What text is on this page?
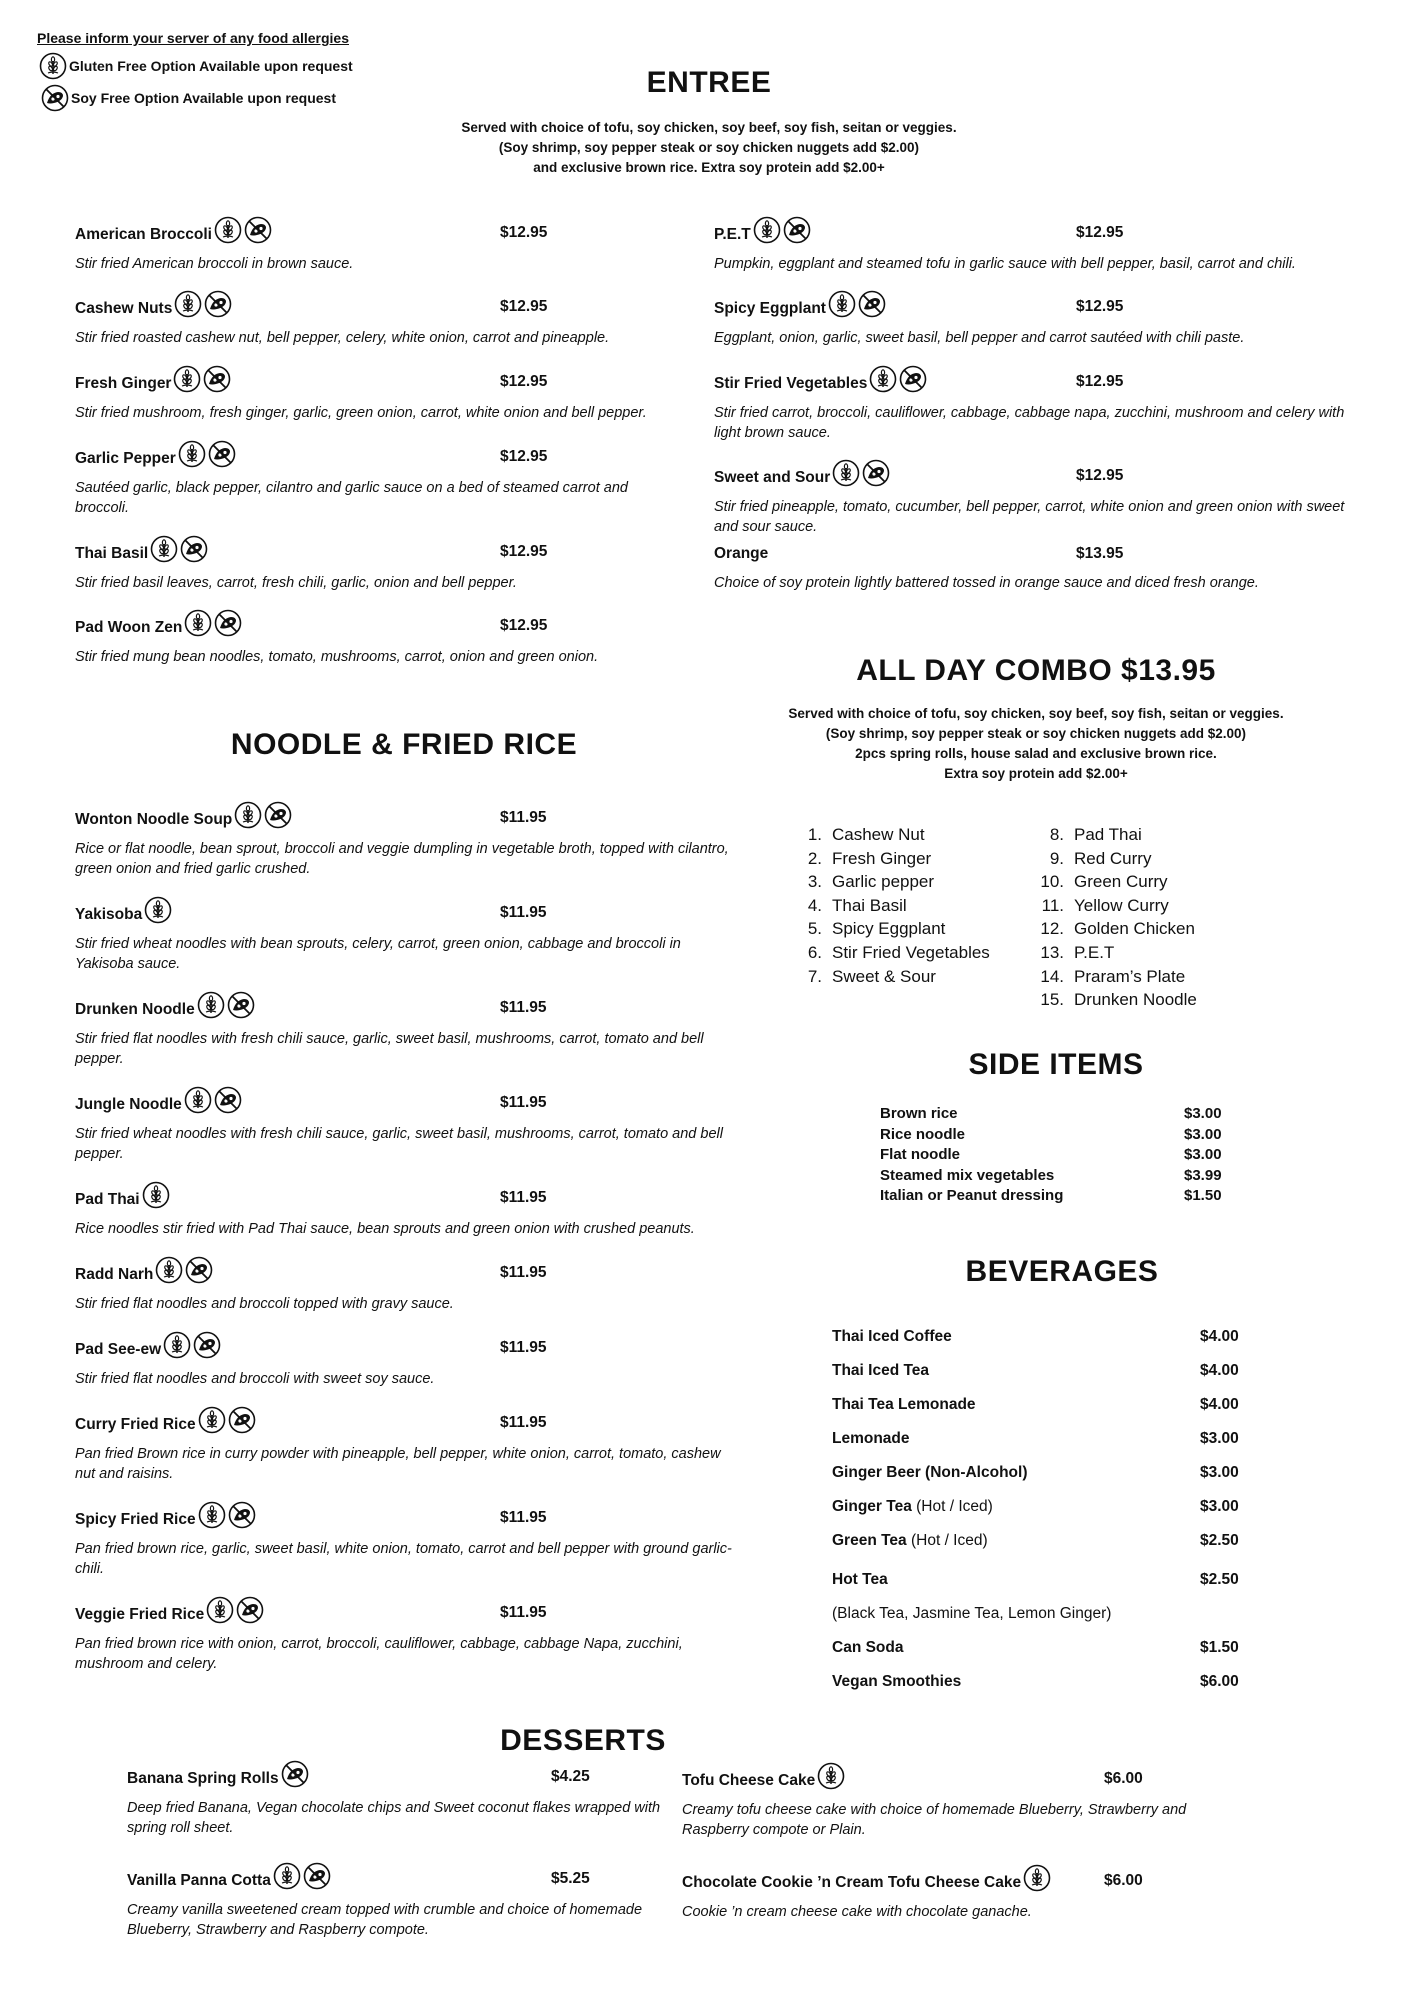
Please inform your server of any food allergies
Gluten Free Option Available upon request
Soy Free Option Available upon request	ENTREE
Served with choice of tofu, soy chicken, soy beef, soy fish, seitan or veggies.
(Soy shrimp, soy pepper steak or soy chicken nuggets add $2.00)
and exclusive brown rice. Extra soy protein add $2.00+
American Broccoli	$12.95
Stir fried American broccoli in brown sauce.
Cashew Nuts	$12.95
Stir fried roasted cashew nut, bell pepper, celery, white onion, carrot and pineapple.
Fresh Ginger	$12.95
Stir fried mushroom, fresh ginger, garlic, green onion, carrot, white onion and bell pepper.
Garlic Pepper	$12.95
Sautéed garlic, black pepper, cilantro and garlic sauce on a bed of steamed carrot and broccoli.
Thai Basil	$12.95
Stir fried basil leaves, carrot, fresh chili, garlic, onion and bell pepper.
Pad Woon Zen	$12.95
Stir fried mung bean noodles, tomato, mushrooms, carrot, onion and green onion.
P.E.T	$12.95
Pumpkin, eggplant and steamed tofu in garlic sauce with bell pepper, basil, carrot and chili.
Spicy Eggplant	$12.95
Eggplant, onion, garlic, sweet basil, bell pepper and carrot sautéed with chili paste.
Stir Fried Vegetables	$12.95
Stir fried carrot, broccoli, cauliflower, cabbage, cabbage napa, zucchini, mushroom and celery with light brown sauce.
Sweet and Sour	$12.95
Stir fried pineapple, tomato, cucumber, bell pepper, carrot, white onion and green onion with sweet and sour sauce.
Orange	$13.95
Choice of soy protein lightly battered tossed in orange sauce and diced fresh orange.
NOODLE & FRIED RICE
Wonton Noodle Soup	$11.95
Rice or flat noodle, bean sprout, broccoli and veggie dumpling in vegetable broth, topped with cilantro, green onion and fried garlic crushed.
Yakisoba	$11.95
Stir fried wheat noodles with bean sprouts, celery, carrot, green onion, cabbage and broccoli in Yakisoba sauce.
Drunken Noodle	$11.95
Stir fried flat noodles with fresh chili sauce, garlic, sweet basil, mushrooms, carrot, tomato and bell pepper.
Jungle Noodle	$11.95
Stir fried wheat noodles with fresh chili sauce, garlic, sweet basil, mushrooms, carrot, tomato and bell pepper.
Pad Thai	$11.95
Rice noodles stir fried with Pad Thai sauce, bean sprouts and green onion with crushed peanuts.
Radd Narh	$11.95
Stir fried flat noodles and broccoli topped with gravy sauce.
Pad See-ew	$11.95
Stir fried flat noodles and broccoli with sweet soy sauce.
Curry Fried Rice	$11.95
Pan fried Brown rice in curry powder with pineapple, bell pepper, white onion, carrot, tomato, cashew nut and raisins.
Spicy Fried Rice	$11.95
Pan fried brown rice, garlic, sweet basil, white onion, tomato, carrot and bell pepper with ground garlic-chili.
Veggie Fried Rice	$11.95
Pan fried brown rice with onion, carrot, broccoli, cauliflower, cabbage, cabbage Napa, zucchini, mushroom and celery.
ALL DAY COMBO $13.95
Served with choice of tofu, soy chicken, soy beef, soy fish, seitan or veggies.
(Soy shrimp, soy pepper steak or soy chicken nuggets add $2.00)
2pcs spring rolls, house salad and exclusive brown rice.
Extra soy protein add $2.00+
1. Cashew Nut
2. Fresh Ginger
3. Garlic pepper
4. Thai Basil
5. Spicy Eggplant
6. Stir Fried Vegetables
7. Sweet & Sour
8. Pad Thai
9. Red Curry
10. Green Curry
11. Yellow Curry
12. Golden Chicken
13. P.E.T
14. Praram’s Plate
15. Drunken Noodle
SIDE ITEMS
Brown rice	$3.00
Rice noodle	$3.00
Flat noodle	$3.00
Steamed mix vegetables	$3.99
Italian or Peanut dressing	$1.50
BEVERAGES
Thai Iced Coffee	$4.00
Thai Iced Tea	$4.00
Thai Tea Lemonade	$4.00
Lemonade	$3.00
Ginger Beer (Non-Alcohol)	$3.00
Ginger Tea (Hot / Iced)	$3.00
Green Tea (Hot / Iced)	$2.50
Hot Tea	$2.50
Can Soda	$1.50
Vegan Smoothies	$6.00
(Black Tea, Jasmine Tea, Lemon Ginger)
DESSERTS
Banana Spring Rolls	$4.25
Deep fried Banana, Vegan chocolate chips and Sweet coconut flakes wrapped with spring roll sheet.
Vanilla Panna Cotta	$5.25
Creamy vanilla sweetened cream topped with crumble and choice of homemade Blueberry, Strawberry and Raspberry compote.
Tofu Cheese Cake	$6.00
Creamy tofu cheese cake with choice of homemade Blueberry, Strawberry and Raspberry compote or Plain.
Chocolate Cookie ’n Cream Tofu Cheese Cake	$6.00
Cookie ’n cream cheese cake with chocolate ganache.
